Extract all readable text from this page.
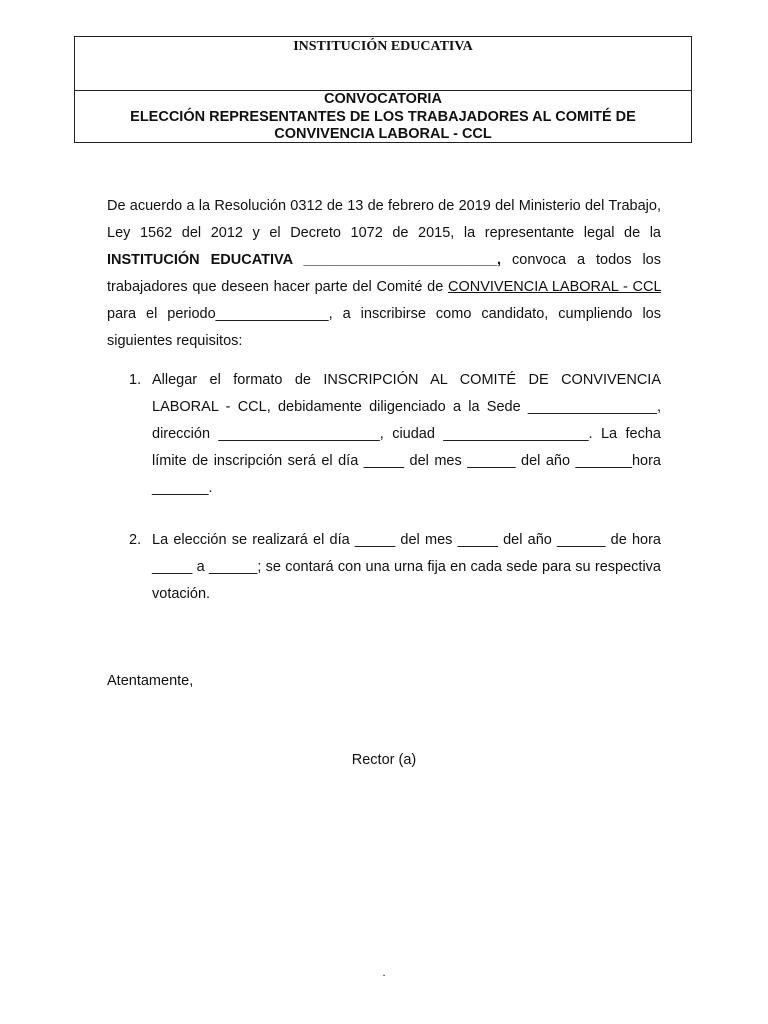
INSTITUCIÓN EDUCATIVA
CONVOCATORIA
ELECCIÓN REPRESENTANTES DE LOS TRABAJADORES AL COMITÉ DE
CONVIVENCIA LABORAL - CCL
De acuerdo a la Resolución 0312 de 13 de febrero de 2019 del Ministerio del Trabajo, Ley 1562 del 2012 y el Decreto 1072 de 2015, la representante legal de la INSTITUCIÓN EDUCATIVA ________________________, convoca a todos los trabajadores que deseen hacer parte del Comité de CONVIVENCIA LABORAL - CCL para el periodo______________, a inscribirse como candidato, cumpliendo los siguientes requisitos:
1. Allegar el formato de INSCRIPCIÓN AL COMITÉ DE CONVIVENCIA LABORAL - CCL, debidamente diligenciado a la Sede ________________, dirección ____________________, ciudad __________________. La fecha límite de inscripción será el día _____ del mes ______ del año _______hora _______.
2. La elección se realizará el día _____ del mes _____ del año ______ de hora _____ a ______; se contará con una urna fija en cada sede para su respectiva votación.
Atentamente,
Rector (a)
.
